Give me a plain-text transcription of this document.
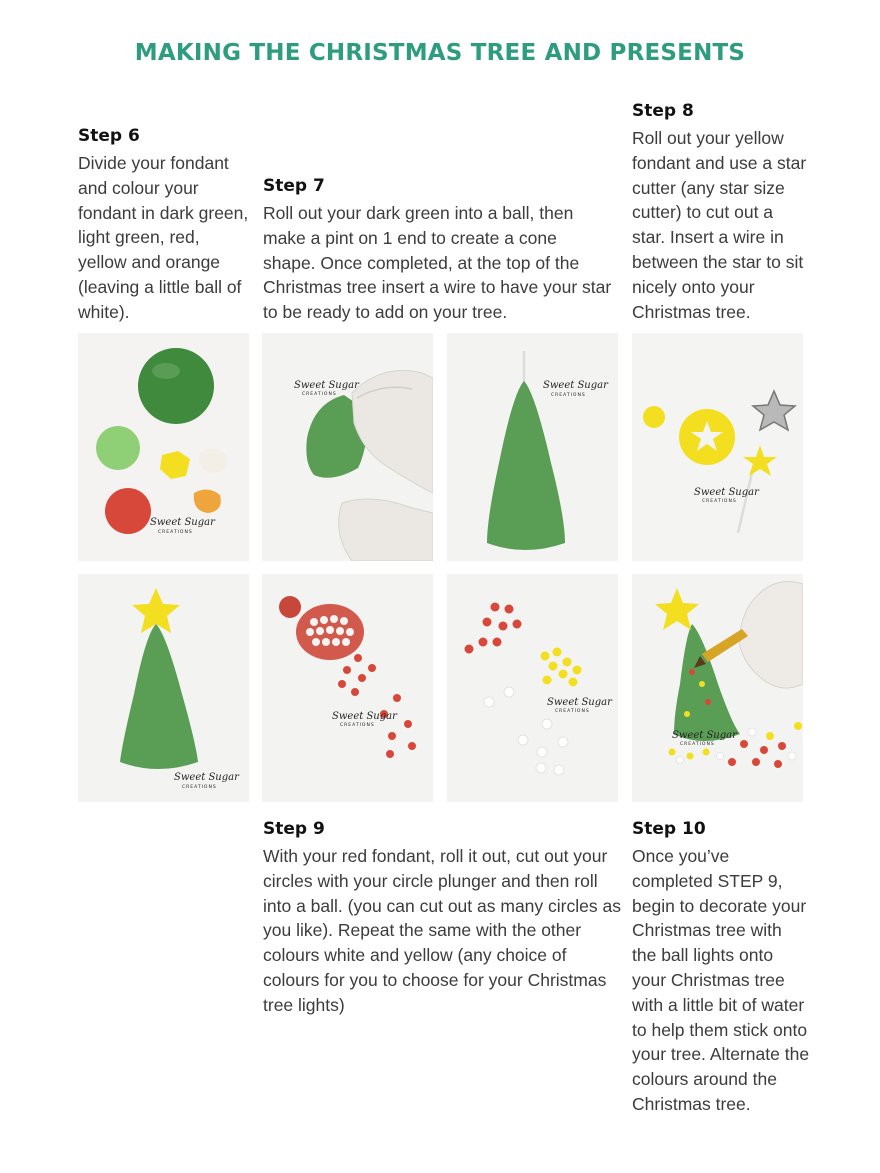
MAKING THE CHRISTMAS TREE AND PRESENTS
Step 6

Divide your fondant and colour your fondant in dark green, light green, red, yellow and orange (leaving a little ball of white).

Step 7

Roll out your dark green into a ball, then make a pint on 1 end to create a cone shape. Once completed, at the top of the Christmas tree insert a wire to have your star to be ready to add on your tree.

Step 8

Roll out your yellow fondant and use a star cutter (any star size cutter) to cut out a star. Insert a wire in between the star to sit nicely onto your Christmas tree.

Sweet Sugar
CREATIONS
Sweet Sugar
CREATIONS
Sweet Sugar
CREATIONS
Sweet Sugar
CREATIONS
Sweet Sugar
CREATIONS
Sweet Sugar
CREATIONS
Sweet Sugar
CREATIONS
Sweet Sugar
CREATIONS
Step 9

With your red fondant, roll it out, cut out your circles with your circle plunger and then roll into a ball. (you can cut out as many circles as you like). Repeat the same with the other colours white and yellow (any choice of colours for you to choose for your Christmas tree lights)

Step 10

Once you’ve completed STEP 9, begin to decorate your Christmas tree with the ball lights onto your Christmas tree with a little bit of water to help them stick onto your tree. Alternate the colours around the Christmas tree.
